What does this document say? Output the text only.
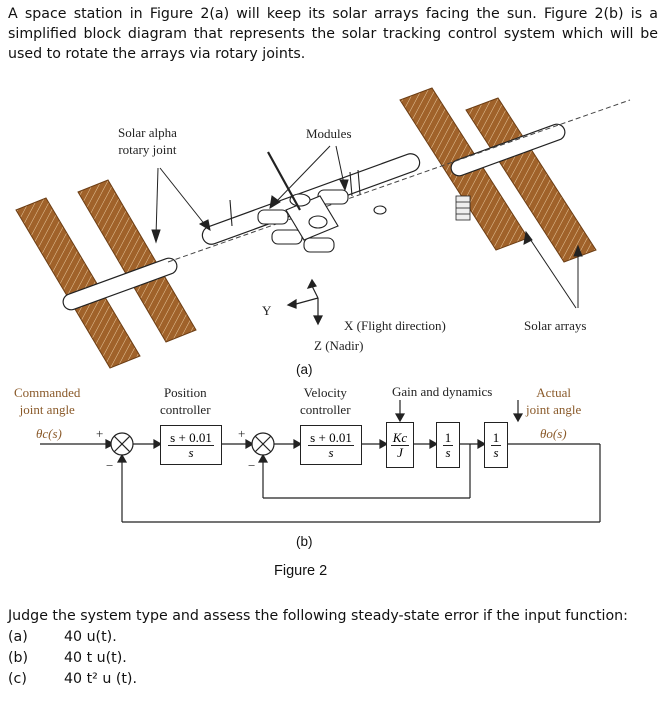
A space station in Figure 2(a) will keep its solar arrays facing the sun. Figure 2(b) is a simplified block diagram that represents the solar tracking control system which will be used to rotate the arrays via rotary joints.
Solar alpha
rotary joint
Modules
Solar arrays
Y
X (Flight direction)
Z (Nadir)
(a)
Commanded
joint angle
θc(s)
Position
controller
Velocity
controller
Gain and dynamics	Actual
joint angle
θo(s)
+
−
+
−
$\frac{s + 0.01}{s}$	$\frac{s + 0.01}{s}$	$\frac{Kc}{J}$	$\frac{1}{s}$	$\frac{1}{s}$
(b)
Figure 2
Judge the system type and assess the following steady-state error if the input function:
(a)	40 u(t).
(b)	40 t u(t).
(c)	40 t² u (t).
